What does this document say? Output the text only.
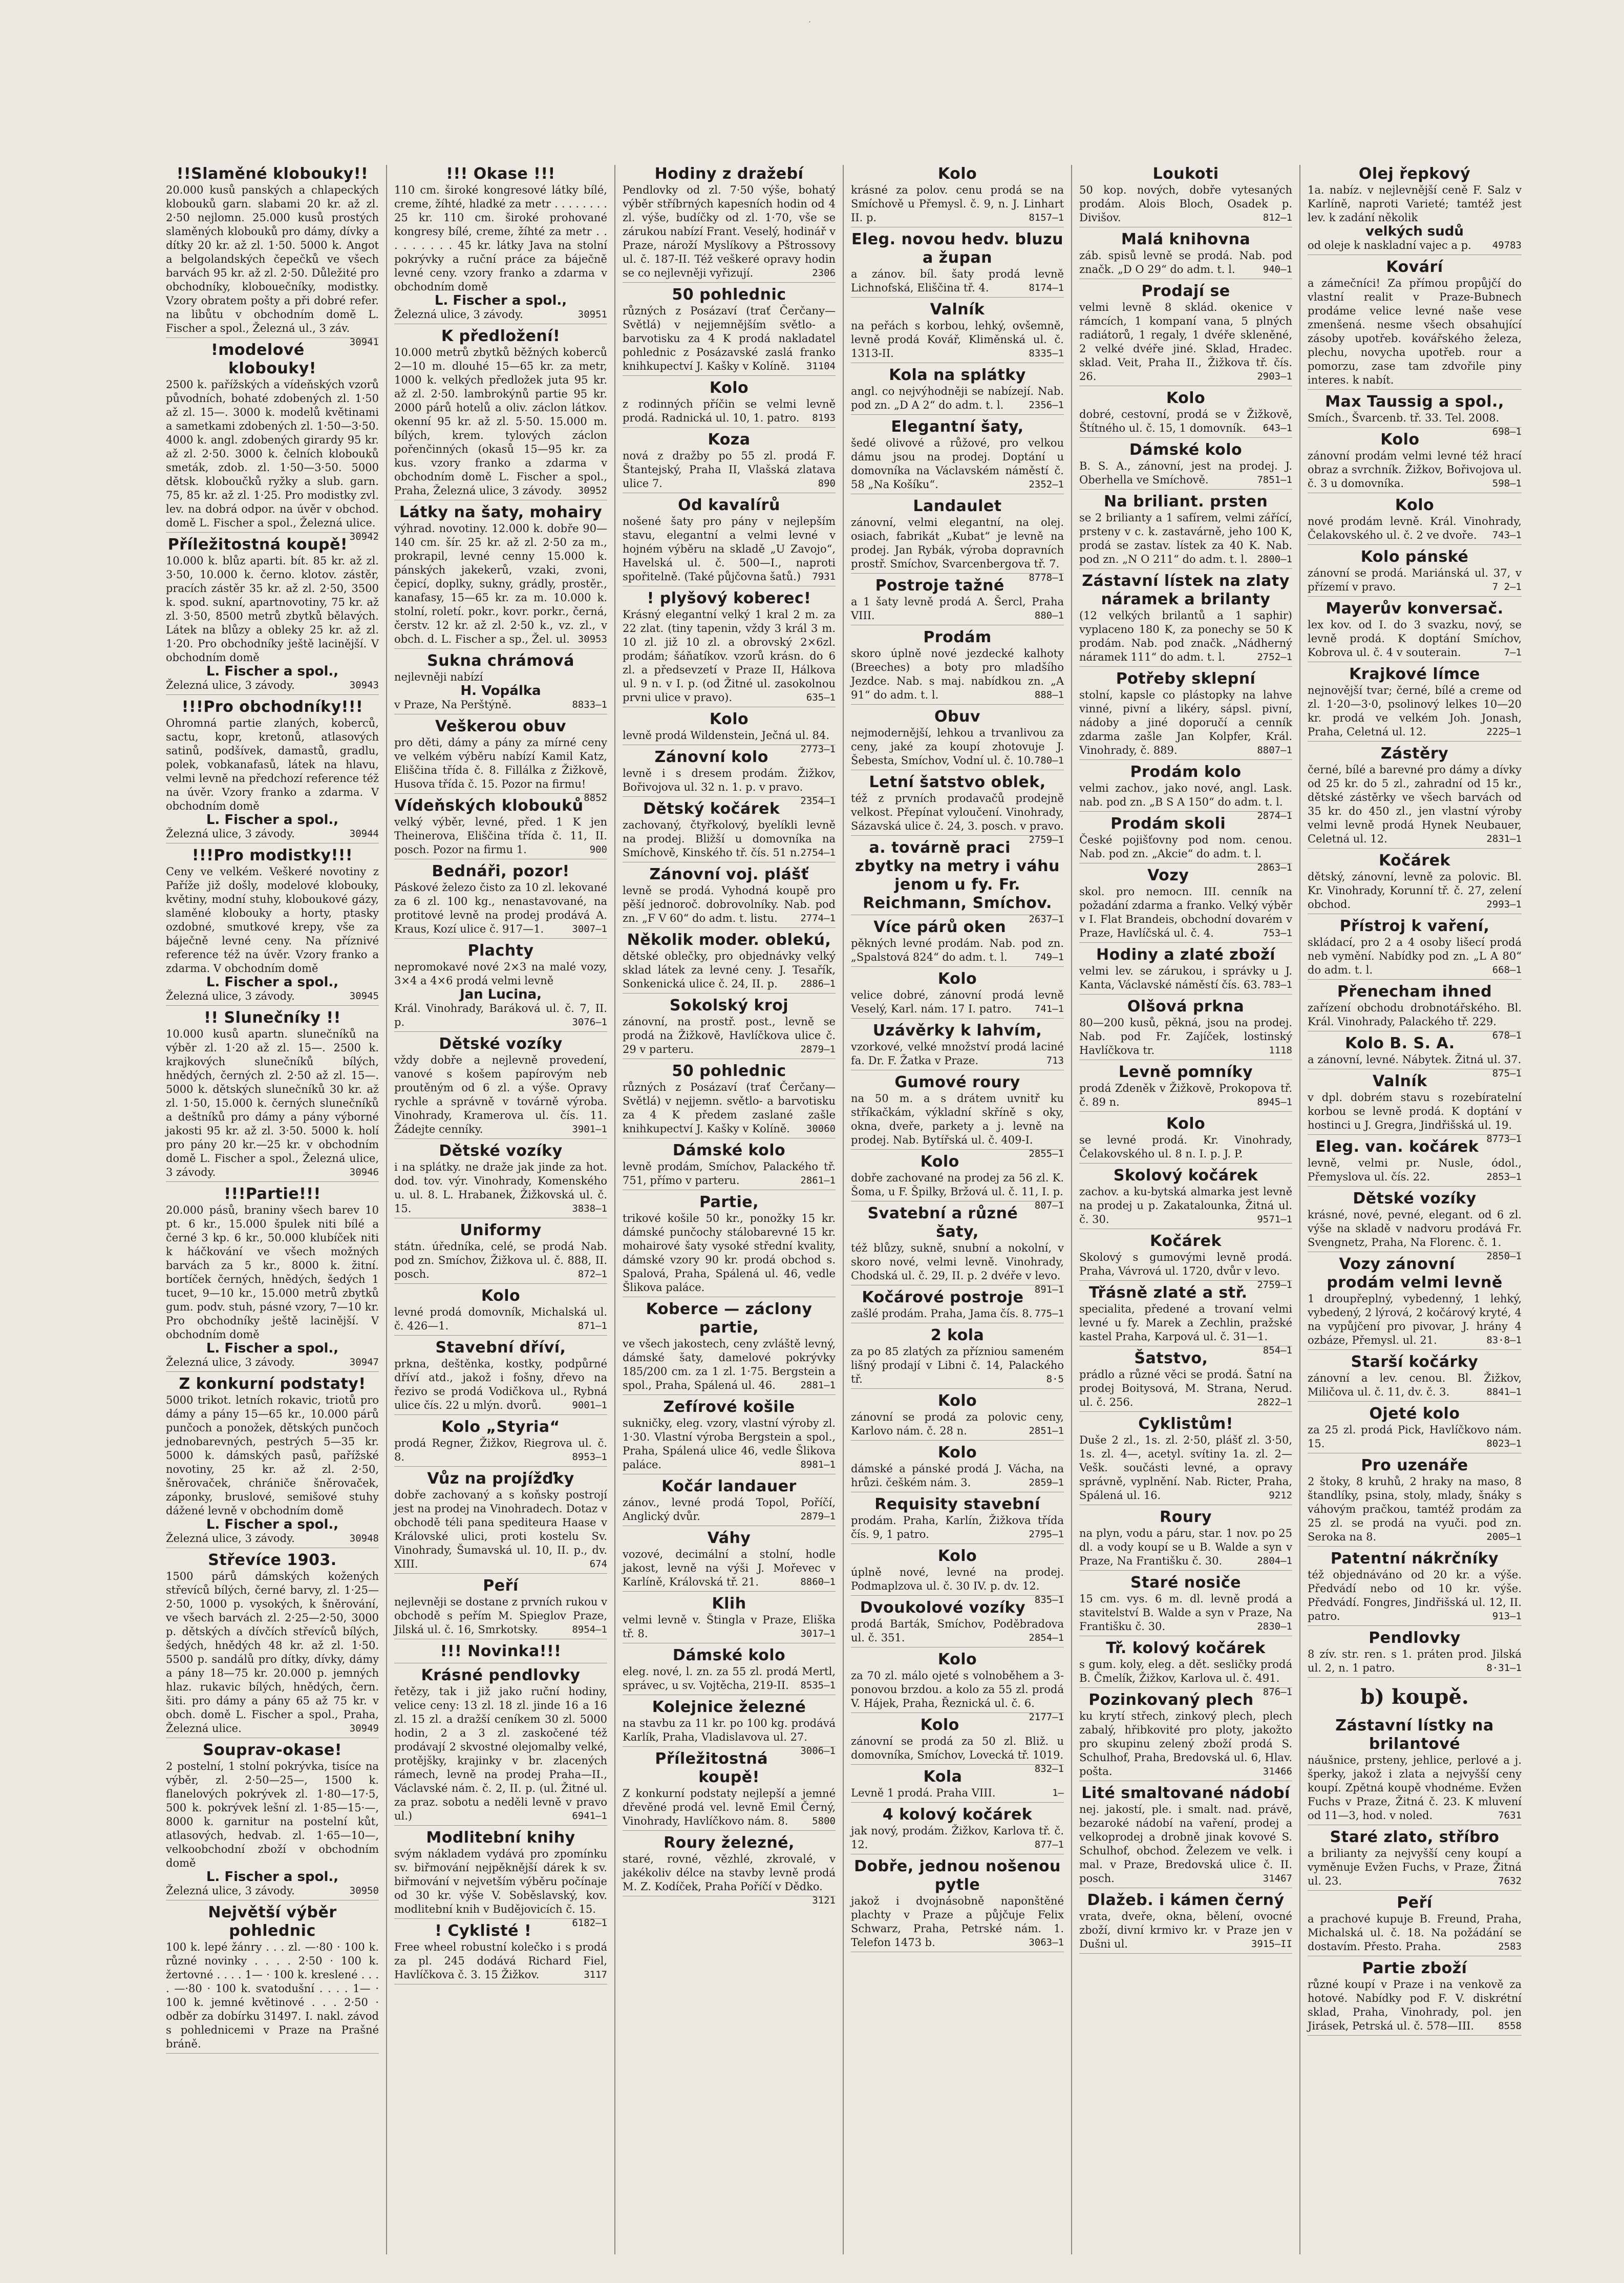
′
!!Slaměné klobouky!!
20.000 kusů panských a chlapeckých klobouků garn. slabami 20 kr. až zl. 2·50 nejlomn. 25.000 kusů prostých slaměných klobouků pro dámy, dívky a dítky 20 kr. až zl. 1·50. 5000 k. Angot a belgolandských čepečků ve všech barvách 95 kr. až zl. 2·50. Důležité pro obchodníky, klobouečníky, modistky. Vzory obratem pošty a při dobré refer. na libůtu v obchodním domě L. Fischer a spol., Železná ul., 3 záv.
30941
!modelové klobouky!
2500 k. pařížských a vídeňských vzorů původních, bohaté zdobených zl. 1·50 až zl. 15—. 3000 k. modelů květinami a sametkami zdobených zl. 1·50—3·50. 4000 k. angl. zdobených girardy 95 kr. až zl. 2·50. 3000 k. čelních klobouků smeták, zdob. zl. 1·50—3·50. 5000 dětsk. kloboučků ryžky a slub. garn. 75, 85 kr. až zl. 1·25. Pro modistky zvl. lev. na dobrá odpor. na úvěr v obchod. domě L. Fischer a spol., Železná ulice.
30942
Příležitostná koupě!
10.000 k. blůz aparti. bít. 85 kr. až zl. 3·50, 10.000 k. černo. klotov. zástěr, pracích zástěr 35 kr. až zl. 2·50, 3500 k. spod. sukní, apartnovotiny, 75 kr. až zl. 3·50, 8500 metrů zbytků bělavých. Látek na blůzy a obleky 25 kr. až zl. 1·20. Pro obchodníky ještě lacinější. V obchodním domě
L. Fischer a spol.,
Železná ulice, 3 závody.	30943
!!!Pro obchodníky!!!
Ohromná partie zlaných, koberců, sactu, kopr, kretonů, atlasových satinů, podšívek, damastů, gradlu, polek, vobkanafasů, látek na hlavu, velmi levně na předchozí reference též na úvěr. Vzory franko a zdarma. V obchodním domě
L. Fischer a spol.,
Železná ulice, 3 závody.	30944
!!!Pro modistky!!!
Ceny ve velkém. Veškeré novotiny z Paříže již došly, modelové klobouky, květiny, modní stuhy, kloboukové gázy, slaměné klobouky a horty, ptasky ozdobné, smutkové krepy, vše za báječně levné ceny. Na příznivé reference též na úvěr. Vzory franko a zdarma. V obchodním domě
L. Fischer a spol.,
Železná ulice, 3 závody.	30945
!! Slunečníky !!
10.000 kusů apartn. slunečníků na výběr zl. 1·20 až zl. 15—. 2500 k. krajkových slunečníků bílých, hnědých, černých zl. 2·50 až zl. 15—. 5000 k. dětských slunečníků 30 kr. až zl. 1·50, 15.000 k. černých slunečníků a deštníků pro dámy a pány výborné jakosti 95 kr. až zl. 3·50. 5000 k. holí pro pány 20 kr.—25 kr. v obchodním domě L. Fischer a spol., Železná ulice, 3 závody.	30946
!!!Partie!!!
20.000 pásů, braniny všech barev 10 pt. 6 kr., 15.000 špulek niti bílé a černé 3 kp. 6 kr., 50.000 klubíček niti k háčkování ve všech možných barvách za 5 kr., 8000 k. žitní. bortíček černých, hnědých, šedých 1 tucet, 9—10 kr., 15.000 metrů zbytků gum. podv. stuh, pásné vzory, 7—10 kr. Pro obchodníky ještě lacinější. V obchodním domě
L. Fischer a spol.,
Železná ulice, 3 závody.	30947
Z konkurní podstaty!
5000 trikot. letních rokavic, triotů pro dámy a pány 15—65 kr., 10.000 párů punčoch a ponožek, dětských punčoch jednobarevných, pestrých 5—35 kr. 5000 k. dámských pasů, pařížské novotiny, 25 kr. až zl. 2·50, šněrovaček, chrániče šněrovaček, záponky, bruslové, semišové stuhy dážené levně v obchodním domě
L. Fischer a spol.,
Železná ulice, 3 závody.	30948
Střevíce 1903.
1500 párů dámských kožených střevíců bílých, černé barvy, zl. 1·25—2·50, 1000 p. vysokých, k šněrování, ve všech barvách zl. 2·25—2·50, 3000 p. dětských a dívčích střevíců bílých, šedých, hnědých 48 kr. až zl. 1·50. 5500 p. sandálů pro dítky, dívky, dámy a pány 18—75 kr. 20.000 p. jemných hlaz. rukavic bílých, hnědých, čern. šiti. pro dámy a pány 65 až 75 kr. v obch. domě L. Fischer a spol., Praha, Železná ulice.	30949
Souprav-okase!
2 postelní, 1 stolní pokrývka, tisíce na výběr, zl. 2·50—25—, 1500 k. flanelových pokrývek zl. 1·80—17·5, 500 k. pokrývek lešní zl. 1·85—15·—, 8000 k. garnitur na postelní kůt, atlasových, hedvab. zl. 1·65—10—, velkoobchodní zboží v obchodním domě
L. Fischer a spol.,
Železná ulice, 3 závody.	30950
Největší výběr pohlednic
100 k. lepé žánry . . . zl. —·80 · 100 k. různé novinky . . . . 2·50 · 100 k. žertovné . . . . 1— · 100 k. kreslené . . . . —·80 · 100 k. svatodušní . . . . 1— · 100 k. jemné květinové . . . 2·50 · odběr za dobírku 31497. I. nakl. závod s pohlednicemi v Praze na Prašné bráně.
!!! Okase !!!
110 cm. široké kongresové látky bílé, creme, žíhté, hladké za metr . . . . . . . . 25 kr. 110 cm. široké prohované kongresy bílé, creme, žíhté za metr . . . . . . . . . 45 kr. látky Java na stolní pokrývky a ruční práce za báječně levné ceny. vzory franko a zdarma v obchodním domě
L. Fischer a spol.,
Železná ulice, 3 závody.	30951
K předložení!
10.000 metrů zbytků běžných koberců 2—10 m. dlouhé 15—65 kr. za metr, 1000 k. velkých předložek juta 95 kr. až zl. 2·50. lambrokýnů partie 95 kr. 2000 párů hotelů a oliv. záclon látkov. okenní 95 kr. až zl. 5·50. 15.000 m. bílých, krem. tylových záclon pořenčinných (okasů 15—95 kr. za kus. vzory franko a zdarma v obchodním domě L. Fischer a spol., Praha, Železná ulice, 3 závody. 30952
Látky na šaty, mohairy
výhrad. novotiny. 12.000 k. dobře 90—140 cm. šír. 25 kr. až zl. 2·50 za m., prokrapil, levné cenny 15.000 k. pánských jakekerů, vzaki, zvoni, čepicí, doplky, sukny, grádly, prostěr., kanafasy, 15—65 kr. za m. 10.000 k. stolní, roletí. pokr., kovr. porkr., černá, čerstv. 12 kr. až zl. 2·50 k., vz. zl., v obch. d. L. Fischer a sp., Žel. ul. 30953
Sukna chrámová
nejlevněji nabízí
H. Vopálka
v Praze, Na Perštýně.	8833—1
Veškerou obuv
pro děti, dámy a pány za mírné ceny ve velkém výběru nabízí Kamil Katz, Eliščina třída č. 8. Fillálka z Žižkově, Husova třída č. 15. Pozor na firmu!
8852
Vídeňských klobouků
velký výběr, levné, před. 1 K jen Theinerova, Eliščina třída č. 11, II. posch. Pozor na firmu 1.	900
Bednáři, pozor!
Páskové železo čisto za 10 zl. lekované za 6 zl. 100 kg., nenastavované, na protitové levně na prodej prodává A. Kraus, Kozí ulice č. 917—1.	3007—1
Plachty
nepromokavé nové 2×3 na malé vozy, 3×4 a 4×6 prodá velmi levně
Jan Lucina,
Král. Vinohrady, Baráková ul. č. 7, II. p.	3076—1
Dětské vozíky
vždy dobře a nejlevně provedení, vanové s košem papírovým neb proutěným od 6 zl. a výše. Opravy rychle a správně v továrně výroba. Vinohrady, Kramerova ul. čís. 11. Žádejte cenníky.	3901—1
Dětské vozíky
i na splátky. ne draže jak jinde za hot. dod. tov. výr. Vinohrady, Komenského u. ul. 8. L. Hrabanek, Žižkovská ul. č. 15.	3838—1
Uniformy
státn. úředníka, celé, se prodá Nab. pod zn. Smíchov, Žižkova ul. č. 888, II. posch.	872—1
Kolo
levné prodá domovník, Michalská ul. č. 426—1.	871—1
Stavební dříví,
prkna, deštěnka, kostky, podpůrné dříví atd., jakož i fošny, dřevo na řezivo se prodá Vodičkova ul., Rybná ulice čís. 22 u mlýn. dvorů.	9001—1
Kolo „Styria“
prodá Regner, Žižkov, Riegrova ul. č. 8.	8953—1
Vůz na projížďky
dobře zachovaný a s koňsky postrojí jest na prodej na Vinohradech. Dotaz v obchodě téli pana spediteura Haase v Královské ulici, proti kostelu Sv. Vinohrady, Šumavská ul. 10, II. p., dv. XIII.	674
Peří
nejlevněji se dostane z prvních rukou v obchodě s peřím M. Spieglov Praze, Jilská ul. č. 16, Smrkotsky.	8954—1
!!! Novinka!!!
Krásné pendlovky
řetězy, tak i již jako ruční hodiny, velice ceny: 13 zl. 18 zl. jinde 16 a 16 zl. 15 zl. a dražší ceníkem 30 zl. 5000 hodin, 2 a 3 zl. zaskočené též prodávají 2 skvostné olejomalby velké, protějšky, krajinky v br. zlacených rámech, levně na prodej Praha—II., Václavské nám. č. 2, II. p. (ul. Žitné ul. za praz. sobotu a neděli levně v pravo ul.)	6941—1
Modlitební knihy
svým nákladem vydává pro zpomínku sv. biřmování nejpěknější dárek k sv. biřmování v nejvetším výběru počínaje od 30 kr. výše V. Soběslavský, kov. modlitební knih v Budějovicích č. 15.
6182—1
! Cyklisté !
Free wheel robustní kolečko i s prodá za pl. 245 dodává Richard Fiel, Havlíčkova č. 3. 15 Žižkov.	3117
Hodiny z dražebí
Pendlovky od zl. 7·50 výše, bohatý výběr stříbrných kapesních hodin od 4 zl. výše, budíčky od zl. 1·70, vše se zárukou nabízí Frant. Veselý, hodinář v Praze, nároží Myslíkovy a Pštrossovy ul. č. 187-II. Též veškeré opravy hodin se co nejlevněji vyřizují.	2306
50 pohlednic
různých z Posázaví (trať Čerčany—Světlá) v nejjemnějším světlo- a barvotisku za 4 K prodá nakladatel pohlednic z Posázavské zaslá franko knihkupectví J. Kašky v Kolíně. 31104
Kolo
z rodinných příčin se velmi levně prodá. Radnická ul. 10, 1. patro. 8193
Koza
nová z dražby po 55 zl. prodá F. Štantejský, Praha II, Vlašská zlatava ulice 7.	890
Od kavalírů
nošené šaty pro pány v nejlepším stavu, elegantní a velmi levné v hojném výběru na skladě „U Zavojo“, Havelská ul. č. 500—I., naproti spořitelně. (Také půjčovna šatů.) 7931
! plyšový koberec!
Krásný elegantní velký 1 kral 2 m. za 22 zlat. (tiny tapenin, vždy 3 král 3 m. 10 zl. již 10 zl. a obrovský 2×6zl. prodám; šáňatíkov. vzorů krásn. do 6 zl. a předsevzetí v Praze II, Hálkova ul. 9 n. v I. p. (od Žitné ul. zasokolnou prvni ulice v pravo).	635—1
Kolo
levně prodá Wildenstein, Ječná ul. 84.
2773—1
Zánovní kolo
levně i s dresem prodám. Žižkov, Bořivojova ul. 32 n. 1. p. v pravo.
2354—1
Dětský kočárek
zachovaný, čtyřkolový, byelíkli levně na prodej. Bližší u domovníka na Smíchově, Kinského tř. čís. 51 n. 2754—1
Zánovní voj. plášť
levně se prodá. Vyhodná koupě pro pěší jednoroč. dobrovolníky. Nab. pod zn. „F V 60“ do adm. t. listu. 2774—1
Několik moder. oblekú,
dětské oblečky, pro objednávky velký sklad látek za levné ceny. J. Tesařík, Sonkenická ulice č. 24, II. p. 2886—1
Sokolský kroj
zánovní, na prostř. post., levně se prodá na Žižkově, Havlíčkova ulice č. 29 v parteru.	2879—1
50 pohlednic
různých z Posázaví (trať Čerčany—Světlá) v nejjemn. světlo- a barvotisku za 4 K předem zaslané zašle knihkupectví J. Kašky v Kolíně. 30060
Dámské kolo
levně prodám, Smíchov, Palackého tř. 751, přímo v parteru.	2861—1
Partie,
trikové košile 50 kr., ponožky 15 kr. dámské punčochy stálobarevné 15 kr. mohairové šaty vysoké střední kvality, dámské vzory 90 kr. prodá obchod s. Spalová, Praha, Spálená ul. 46, vedle Šlikova paláce.
Koberce — záclony partie,
ve všech jakostech, ceny zvláště levný, dámské šaty, damelové pokrývky 185/200 cm. za 1 zl. 1·75. Bergstein a spol., Praha, Spálená ul. 46.	2881—1
Zefírové košile
sukničky, eleg. vzory, vlastní výroby zl. 1·30. Vlastní výroba Bergstein a spol., Praha, Spálená ulice 46, vedle Šlikova paláce.	8981—1
Kočár landauer
zánov., levné prodá Topol, Poříčí, Anglický dvůr.	2879—1
Váhy
vozové, decimální a stolní, hodle jakost, levně na výši J. Mořevec v Karlíně, Královská tř. 21.	8860—1
Klih
velmi levně v. Štingla v Praze, Eliška tř. 8.	3017—1
Dámské kolo
eleg. nové, l. zn. za 55 zl. prodá Mertl, správec, u sv. Vojtěcha, 219-II. 8535—1
Kolejnice železné
na stavbu za 11 kr. po 100 kg. prodává Karlík, Praha, Vladislavova ul. 27.
3006—1
Příležitostná koupě!
Z konkurní podstaty nejlepší a jemné dřevěné prodá vel. levně Emil Černý, Vinohrady, Havlíčkovo nám. 8. 5800
Roury železné,
staré, rovné, vězhlé, zkrovalé, v jakékoliv délce na stavby levně prodá M. Z. Kodíček, Praha Poříčí v Dědko.
3121
Kolo
krásné za polov. cenu prodá se na Smíchově u Přemysl. č. 9, n. J. Linhart II. p.	8157—1
Eleg. novou hedv. bluzu a župan
a zánov. bíl. šaty prodá levně Lichnofská, Eliščina tř. 4.	8174—1
Valník
na peřách s korbou, lehký, ovšemně, levně prodá Kovář, Kliměnská ul. č. 1313-II.	8335—1
Kola na splátky
angl. co nejvýhodněji se nabízejí. Nab. pod zn. „D A 2“ do adm. t. l.	2356—1
Elegantní šaty,
šedé olivové a růžové, pro velkou dámu jsou na prodej. Doptání u domovníka na Václavském náměstí č. 58 „Na Košíku“.	2352—1
Landaulet
zánovní, velmi elegantní, na olej. osiach, fabrikát „Kubat“ je levně na prodej. Jan Rybák, výroba dopravních prostř. Smíchov, Svarcenbergova tř. 7.
8778—1
Postroje tažné
a 1 šaty levně prodá A. Šercl, Praha VIII.	880—1
Prodám
skoro úplně nové jezdecké kalhoty (Breeches) a boty pro mladšího Jezdce. Nab. s maj. nabídkou zn. „A 91“ do adm. t. l.	888—1
Obuv
nejmodernější, lehkou a trvanlivou za ceny, jaké za koupí zhotovuje J. Šebesta, Smíchov, Vodní ul. č. 10. 780—1
Letní šatstvo oblek,
též z prvních prodavačů prodejně velkost. Přepínat vyloučení. Vinohrady, Sázavská ulice č. 24, 3. posch. v pravo.
2759—1
a. továrně praci zbytky na metry i váhu jenom u fy. Fr. Reichmann, Smíchov.
2637—1
Více párů oken
pěkných levné prodám. Nab. pod zn. „Spalstová 824“ do adm. t. l.	749—1
Kolo
velice dobré, zánovní prodá levně Veselý, Karl. nám. 17 I. patro. 741—1
Uzávěrky k lahvím,
vzorkové, velké množství prodá laciné fa. Dr. F. Žatka v Praze.	713
Gumové roury
na 50 m. a s drátem uvnitř ku stříkačkám, výkladní skříně s oky, okna, dveře, parkety a j. levně na prodej. Nab. Bytířská ul. č. 409-I.
2855—1
Kolo
dobře zachované na prodej za 56 zl. K. Šoma, u F. Špilky, Bržová ul. č. 11, I. p.
807—1
Svatební a různé šaty,
též blůzy, sukně, snubní a nokolní, v skoro nové, velmi levně. Vinohrady, Chodská ul. č. 29, II. p. 2 dvéře v levo.
891—1
Kočárové postroje
zašlé prodám. Praha, Jama čís. 8. 775—1
2 kola
za po 85 zlatých za přízniou sameném lišný prodají v Libni č. 14, Palackého tř.	8·5
Kolo
zánovní se prodá za polovic ceny, Karlovo nám. č. 28 n.	2851—1
Kolo
dámské a pánské prodá J. Vácha, na hrůzi. češkém nám. 3.	2859—1
Requisity stavební
prodám. Praha, Karlín, Žižkova třída čís. 9, 1 patro.	2795—1
Kolo
úplně nové, levné na prodej. Podmaplzova ul. č. 30 IV. p. dv. 12.
835—1
Dvoukolové vozíky
prodá Barták, Smíchov, Poděbradova ul. č. 351.	2854—1
Kolo
za 70 zl. málo ojeté s volnoběhem a 3-ponovou brzdou. a kolo za 55 zl. prodá V. Hájek, Praha, Řeznická ul. č. 6.
2177—1
Kolo
zánovní se prodá za 50 zl. Bliž. u domovníka, Smíchov, Lovecká tř. 1019.
832—1
Kola
Levně 1 prodá. Praha VIII.	1—
4 kolový kočárek
jak nový, prodám. Žižkov, Karlova tř. č. 12.	877—1
Dobře, jednou nošenou pytle
jakož i dvojnásobně naponštěné plachty v Praze a půjčuje Felix Schwarz, Praha, Petrské nám. 1. Telefon 1473 b.	3063—1
Loukoti
50 kop. nových, dobře vytesaných prodám. Alois Bloch, Osadek p. Divišov.	812—1
Malá knihovna
záb. spisů levně se prodá. Nab. pod značk. „D O 29“ do adm. t. l.	940—1
Prodají se
velmi levně 8 sklád. okenice v rámcích, 1 kompaní vana, 5 plných radiátorů, 1 regaly, 1 dvéře skleněné, 2 velké dvéře jiné. Sklad, Hradec. sklad. Veit, Praha II., Žižkova tř. čís. 26.	2903—1
Kolo
dobré, cestovní, prodá se v Žižkově, Štítného ul. č. 15, 1 domovník. 643—1
Dámské kolo
B. S. A., zánovní, jest na prodej. J. Oberhella ve Smíchově.	7851—1
Na briliant. prsten
se 2 brilianty a 1 safírem, velmi zářící, prsteny v c. k. zastavárně, jeho 100 K, prodá se zastav. lístek za 40 K. Nab. pod zn. „N O 211“ do adm. t. l. 2800—1
Zástavní lístek na zlaty náramek a brilanty
(12 velkých brilantů a 1 saphir) vyplaceno 180 K, za ponechy se 50 K prodám. Nab. pod značk. „Nádherný náramek 111“ do adm. t. l.	2752—1
Potřeby sklepní
stolní, kapsle co plástopky na lahve vinné, pivní a likéry, sápsl. pivní, nádoby a jiné doporučí a cenník zdarma zašle Jan Kolpfer, Král. Vinohrady, č. 889.	8807—1
Prodám kolo
velmi zachov., jako nové, angl. Lask. nab. pod zn. „B S A 150“ do adm. t. l.
2874—1
Prodám skoli
České pojišťovny pod nom. cenou. Nab. pod zn. „Akcie“ do adm. t. l.
2863—1
Vozy
skol. pro nemocn. III. cenník na požadání zdarma a franko. Velký výběr v I. Flat Brandeis, obchodní dovarém v Praze, Havlíčská ul. č. 4.	753—1
Hodiny a zlaté zboží
velmi lev. se zárukou, i správky u J. Kanta, Václavské náměstí čís. 63. 783—1
Olšová prkna
80—200 kusů, pěkná, jsou na prodej. Nab. pod Fr. Zajíček, lostinský Havlíčkova tr.	1118
Levně pomníky
prodá Zdeněk v Žižkově, Prokopova tř. č. 89 n.	8945—1
Kolo
se levné prodá. Kr. Vinohrady, Čelakovského ul. 8 n. I. p. J. P.
Skolový kočárek
zachov. a ku-bytská almarka jest levně na prodej u p. Zakatalounka, Žitná ul. č. 30.	9571—1
Kočárek
Skolový s gumovými levně prodá. Praha, Vávrová ul. 1720, dvůr v levo.
2759—1
Třásně zlaté a stř.
specialita, předené a trovaní velmi levné u fy. Marek a Zechlin, pražské kastel Praha, Karpová ul. č. 31—1.
854—1
Šatstvo,
prádlo a různé věci se prodá. Šatní na prodej Boitysová, M. Strana, Nerud. ul. č. 256.	2822—1
Cyklistům!
Duše 2 zl., 1s. zl. 2·50, plášť zl. 3·50, 1s. zl. 4—, acetyl. svítiny 1a. zl. 2— Vešk. součásti levné, a opravy správně, vyplnění. Nab. Ricter, Praha, Spálená ul. 16.	9212
Roury
na plyn, vodu a páru, star. 1 nov. po 25 dl. a vody koupí se u B. Walde a syn v Praze, Na Františku č. 30.	2804—1
Staré nosiče
15 cm. vys. 6 m. dl. levně prodá a stavitelství B. Walde a syn v Praze, Na Františku č. 30.	2830—1
Tř. kolový kočárek
s gum. koly, eleg. a dět. sesličky prodá B. Čmelík, Žižkov, Karlova ul. č. 491.
876—1
Pozinkovaný plech
ku krytí střech, zinkový plech, plech zabalý, hřibkovité pro ploty, jakožto pro skupinu zelený zboží prodá S. Schulhof, Praha, Bredovská ul. 6, Hlav. pošta.	31466
Lité smaltované nádobí
nej. jakostí, ple. i smalt. nad. právě, bezaroké nádobí na vaření, prodej a velkoprodej a drobně jinak kovové S. Schulhof, obchod. Železem ve velk. i mal. v Praze, Bredovská ulice č. II. posch.	31467
Dlažeb. i kámen černý
vrata, dveře, okna, bělení, ovocné zboží, divní krmivo kr. v Praze jen v Dušni ul.	3915—II
Olej řepkový
1a. nabíz. v nejlevnější ceně F. Salz v Karlíně, naproti Varieté; tamtéž jest lev. k zadání několik
velkých sudů
od oleje k naskladní vajec a p. 49783
Kovárí
a zámečníci! Za přímou propůjčí do vlastní realit v Praze-Bubnech prodáme velice levné naše vese zmenšená. nesme všech obsahující zásoby upotřeb. kovářského železa, plechu, novycha upotřeb. rour a pomorzu, zase tam zdvořile piny interes. k nabít.
Max Taussig a spol.,
Smích., Švarcenb. tř. 33. Tel. 2008.
698—1
Kolo
zánovní prodám velmi levné též hrací obraz a svrchník. Žižkov, Bořivojova ul. č. 3 u domovníka.	598—1
Kolo
nové prodám levně. Král. Vinohrady, Čelakovského ul. č. 2 ve dvoře. 743—1
Kolo pánské
zánovní se prodá. Mariánská ul. 37, v přízemí v pravo.	7 2—1
Mayerův konversač.
lex kov. od I. do 3 svazku, nový, se levně prodá. K doptání Smíchov, Kobrova ul. č. 4 v souterain.	7—1
Krajkové límce
nejnovější tvar; černé, bílé a creme od zl. 1·20—3·0, psolinový lelkes 10—20 kr. prodá ve velkém Joh. Jonash, Praha, Celetná ul. 12.	2225—1
Zástěry
černé, bílé a barevné pro dámy a dívky od 25 kr. do 5 zl., zahradní od 15 kr., dětské zástěrky ve všech barvách od 35 kr. do 450 zl., jen vlastní výroby velmi levně prodá Hynek Neubauer, Celetná ul. 12.	2831—1
Kočárek
dětský, zánovní, levně za polovic. Bl. Kr. Vinohrady, Korunní tř. č. 27, zelení obchod.	2993—1
Přístroj k vaření,
skládací, pro 2 a 4 osoby lišecí prodá neb vymění. Nabídky pod zn. „L A 80“ do adm. t. l.	668—1
Přenecham ihned
zařízení obchodu drobnotářského. Bl. Král. Vinohrady, Palackého tř. 229.
678—1
Kolo B. S. A.
a zánovní, levné. Nábytek. Žitná ul. 37.
875—1
Valník
v dpl. dobrém stavu s rozebíratelní korbou se levně prodá. K doptání v hostinci u J. Gregra, Jindřišská ul. 19.
8773—1
Eleg. van. kočárek
levně, velmi pr. Nusle, ódol., Přemyslova ul. čís. 22.	2853—1
Dětské vozíky
krásné, nové, pevné, elegant. od 6 zl. výše na skladě v nadvoru prodává Fr. Svengnetz, Praha, Na Florenc. č. 1.
2850—1
Vozy zánovní prodám velmi levně
1 droupřeplný, vybedenný, 1 lehký, vybedený, 2 lýrová, 2 kočárový kryté, 4 na vypůjčení pro pivovar, J. hrány 4 ozbáze, Přemysl. ul. 21.	83·8—1
Starší kočárky
zánovní a lev. cenou. Bl. Žižkov, Miličova ul. č. 11, dv. č. 3.	8841—1
Ojeté kolo
za 25 zl. prodá Pick, Havlíčkovo nám. 15.	8023—1
Pro uzenáře
2 štoky, 8 kruhů, 2 hraky na maso, 8 štandlíky, psina, stoly, mlady, šnáky s váhovým pračkou, tamtéž prodám za 25 zl. se prodá na vyuči. pod zn. Seroka na 8.	2005—1
Patentní nákrčníky
též objednáváno od 20 kr. a výše. Předvádí nebo od 10 kr. výše. Předvádí. Fongres, Jindřišská ul. 12, II. patro.	913—1
Pendlovky
8 zív. str. ren. s 1. práten prod. Jilská ul. 2, n. 1 patro.	8·31—1
b) koupě.
Zástavní lístky na brilantové
náušnice, prsteny, jehlice, perlové a j. šperky, jakož i zlata a nejvyšší ceny koupí. Zpětná koupě vhodnéme. Evžen Fuchs v Praze, Žitná č. 23. K mluvení od 11—3, hod. v noled.	7631
Staré zlato, stříbro
a brilianty za nejvyšší ceny koupí a vyměnuje Evžen Fuchs, v Praze, Žitná ul. 23.	7632
Peří
a prachové kupuje B. Freund, Praha, Michalská ul. č. 18. Na požádání se dostavím. Přesto. Praha.	2583
Partie zboží
různé koupí v Praze i na venkově za hotové. Nabídky pod F. V. diskrétní sklad, Praha, Vinohrady, pol. jen Jirásek, Petrská ul. č. 578—III. 8558
